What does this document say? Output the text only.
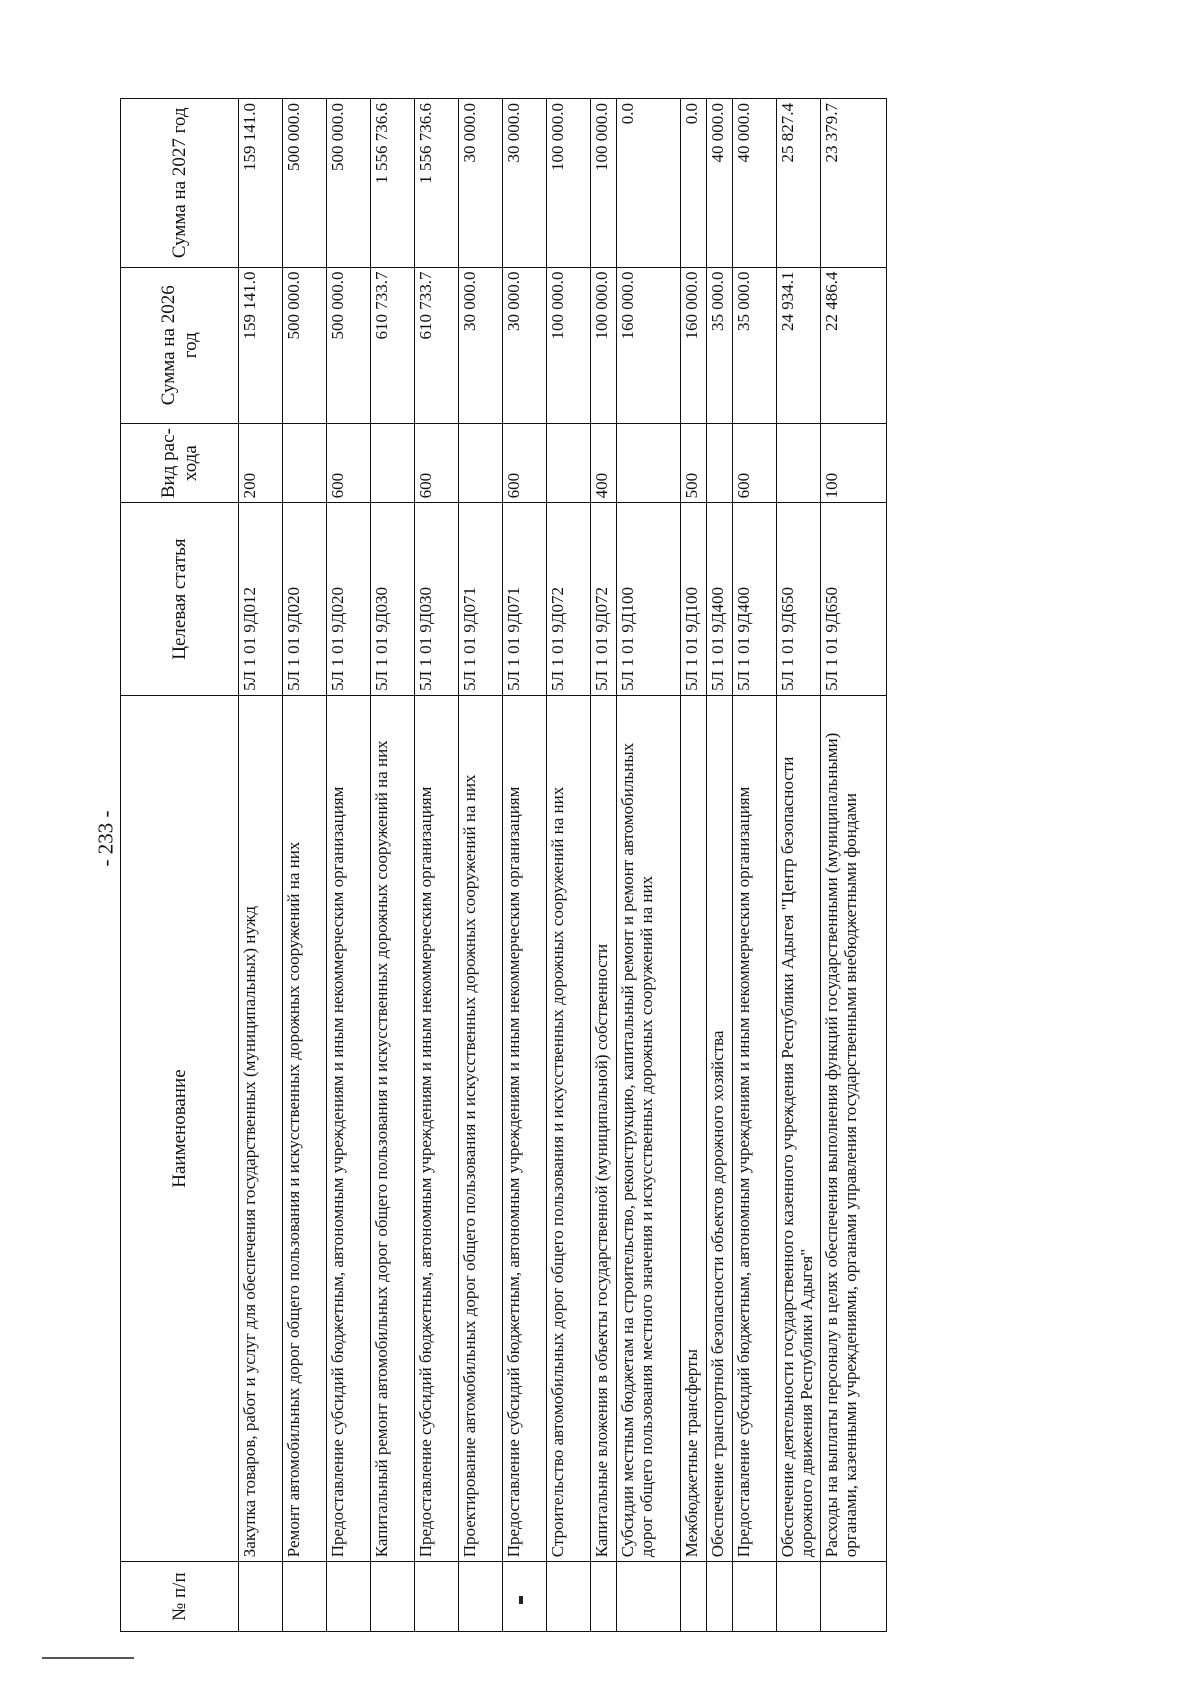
- 233 -
№ п/п	Наименование	Целевая статья	Вид рас-хода	Сумма на 2026 год	Сумма на 2027 год
	Закупка товаров, работ и услуг для обеспечения государственных (муниципальных) нужд	5Л 1 01 9Д012	200	159 141.0	159 141.0
	Ремонт автомобильных дорог общего пользования и искусственных дорожных сооружений на них	5Л 1 01 9Д020		500 000.0	500 000.0
	Предоставление субсидий бюджетным, автономным учреждениям и иным некоммерческим организациям	5Л 1 01 9Д020	600	500 000.0	500 000.0
	Капитальный ремонт автомобильных дорог общего пользования и искусственных дорожных сооружений на них	5Л 1 01 9Д030		610 733.7	1 556 736.6
	Предоставление субсидий бюджетным, автономным учреждениям и иным некоммерческим организациям	5Л 1 01 9Д030	600	610 733.7	1 556 736.6
	Проектирование автомобильных дорог общего пользования и искусственных дорожных сооружений на них	5Л 1 01 9Д071		30 000.0	30 000.0
	Предоставление субсидий бюджетным, автономным учреждениям и иным некоммерческим организациям	5Л 1 01 9Д071	600	30 000.0	30 000.0
	Строительство автомобильных дорог общего пользования и искусственных дорожных сооружений на них	5Л 1 01 9Д072		100 000.0	100 000.0
	Капитальные вложения в объекты государственной (муниципальной) собственности	5Л 1 01 9Д072	400	100 000.0	100 000.0
	Субсидии местным бюджетам на строительство, реконструкцию, капитальный ремонт и ремонт автомобильных дорог общего пользования местного значения и искусственных дорожных сооружений на них	5Л 1 01 9Д100		160 000.0	0.0
	Межбюджетные трансферты	5Л 1 01 9Д100	500	160 000.0	0.0
	Обеспечение транспортной безопасности объектов дорожного хозяйства	5Л 1 01 9Д400		35 000.0	40 000.0
	Предоставление субсидий бюджетным, автономным учреждениям и иным некоммерческим организациям	5Л 1 01 9Д400	600	35 000.0	40 000.0
	Обеспечение деятельности государственного казенного учреждения Республики Адыгея "Центр безопасности дорожного движения Республики Адыгея"	5Л 1 01 9Д650		24 934.1	25 827.4
	Расходы на выплаты персоналу в целях обеспечения выполнения функций государственными (муниципальными) органами, казенными учреждениями, органами управления государственными внебюджетными фондами	5Л 1 01 9Д650	100	22 486.4	23 379.7
